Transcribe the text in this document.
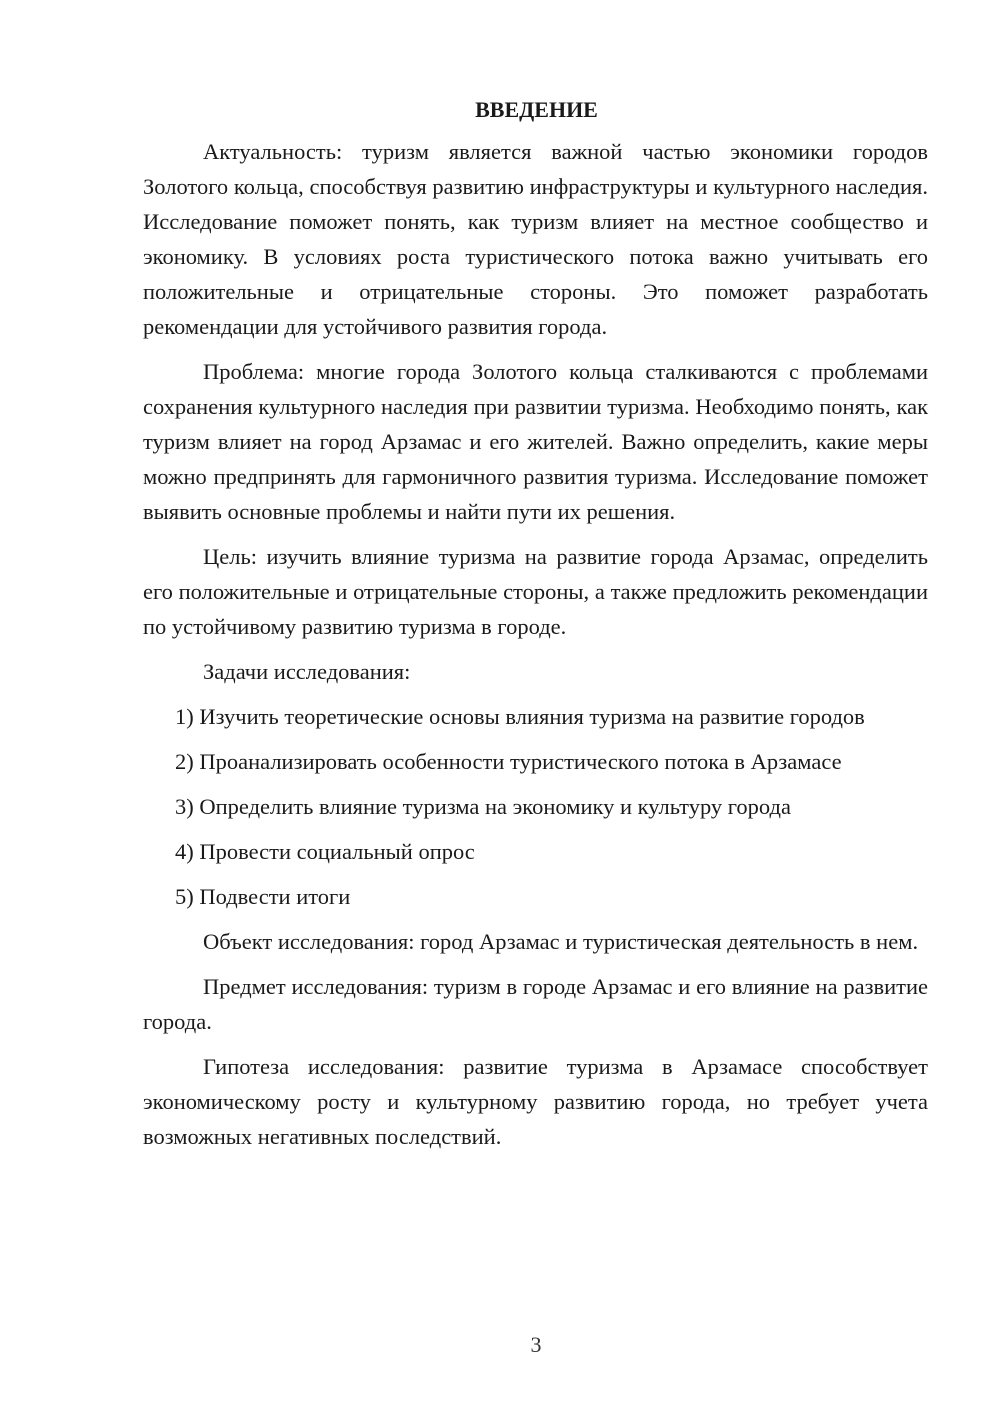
ВВЕДЕНИЕ

Актуальность: туризм является важной частью экономики городов Золотого кольца, способствуя развитию инфраструктуры и культурного наследия. Исследование поможет понять, как туризм влияет на местное сообщество и экономику. В условиях роста туристического потока важно учитывать его положительные и отрицательные стороны. Это поможет разработать рекомендации для устойчивого развития города.

Проблема: многие города Золотого кольца сталкиваются с проблемами сохранения культурного наследия при развитии туризма. Необходимо понять, как туризм влияет на город Арзамас и его жителей. Важно определить, какие меры можно предпринять для гармоничного развития туризма. Исследование поможет выявить основные проблемы и найти пути их решения.

Цель: изучить влияние туризма на развитие города Арзамас, определить его положительные и отрицательные стороны, а также предложить рекомендации по устойчивому развитию туризма в городе.

Задачи исследования:

1) Изучить теоретические основы влияния туризма на развитие городов

2) Проанализировать особенности туристического потока в Арзамасе

3) Определить влияние туризма на экономику и культуру города

4) Провести социальный опрос

5) Подвести итоги

Объект исследования: город Арзамас и туристическая деятельность в нем.

Предмет исследования: туризм в городе Арзамас и его влияние на развитие города.

Гипотеза исследования: развитие туризма в Арзамасе способствует экономическому росту и культурному развитию города, но требует учета возможных негативных последствий.

3
